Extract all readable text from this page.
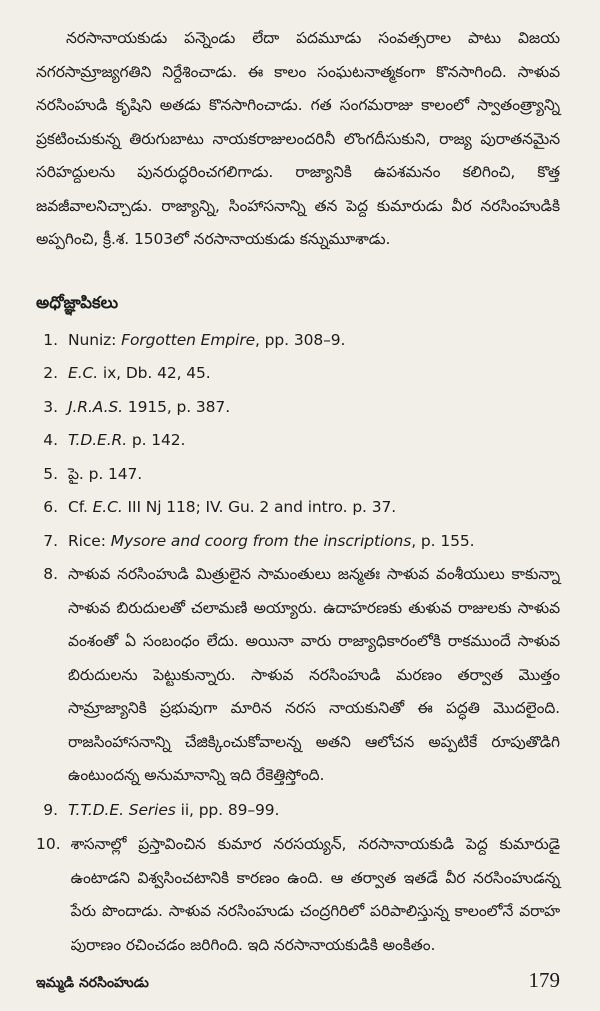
నరసానాయకుడు పన్నెండు లేదా పదమూడు సంవత్సరాల పాటు విజయ నగరసామ్రాజ్యగతిని నిర్దేశించాడు. ఈ కాలం సంఘటనాత్మకంగా కొనసాగింది. సాళువ నరసింహుడి కృషిని అతడు కొనసాగించాడు. గత సంగమరాజు కాలంలో స్వాతంత్ర్యాన్ని ప్రకటించుకున్న తిరుగుబాటు నాయకరాజులందరినీ లొంగదీసుకుని, రాజ్య పురాతనమైన సరిహద్దులను పునరుద్ధరించగలిగాడు. రాజ్యానికి ఉపశమనం కలిగించి, కొత్త జవజీవాలనిచ్చాడు. రాజ్యాన్ని, సింహాసనాన్ని తన పెద్ద కుమారుడు వీర నరసింహుడికి అప్పగించి, క్రీ.శ. 1503లో నరసానాయకుడు కన్నుమూశాడు.

అధోజ్ఞాపికలు
1. Nuniz: Forgotten Empire, pp. 308–9.
2. E.C. ix, Db. 42, 45.
3. J.R.A.S. 1915, p. 387.
4. T.D.E.R. p. 142.
5. పై. p. 147.
6. Cf. E.C. III Nj 118; IV. Gu. 2 and intro. p. 37.
7. Rice: Mysore and coorg from the inscriptions, p. 155.
8. సాళువ నరసింహుడి మిత్రులైన సామంతులు జన్మతః సాళువ వంశీయులు కాకున్నా సాళువ బిరుదులతో చలామణి అయ్యారు. ఉదాహరణకు తుళువ రాజులకు సాళువ వంశంతో ఏ సంబంధం లేదు. అయినా వారు రాజ్యాధికారంలోకి రాకముందే సాళువ బిరుదులను పెట్టుకున్నారు. సాళువ నరసింహుడి మరణం తర్వాత మొత్తం సామ్రాజ్యానికి ప్రభువుగా మారిన నరస నాయకునితో ఈ పద్ధతి మొదలైంది. రాజసింహాసనాన్ని చేజిక్కించుకోవాలన్న అతని ఆలోచన అప్పటికే రూపుతొడిగి ఉంటుందన్న అనుమానాన్ని ఇది రేకెత్తిస్తోంది.
9. T.T.D.E. Series ii, pp. 89–99.
10. శాసనాల్లో ప్రస్తావించిన కుమార నరసయ్యన్, నరసానాయకుడి పెద్ద కుమారుడై ఉంటాడని విశ్వసించటానికి కారణం ఉంది. ఆ తర్వాత ఇతడే వీర నరసింహుడన్న పేరు పొందాడు. సాళువ నరసింహుడు చంద్రగిరిలో పరిపాలిస్తున్న కాలంలోనే వరాహ పురాణం రచించడం జరిగింది. ఇది నరసానాయకుడికి అంకితం.
ఇమ్మడి నరసింహుడు	179
